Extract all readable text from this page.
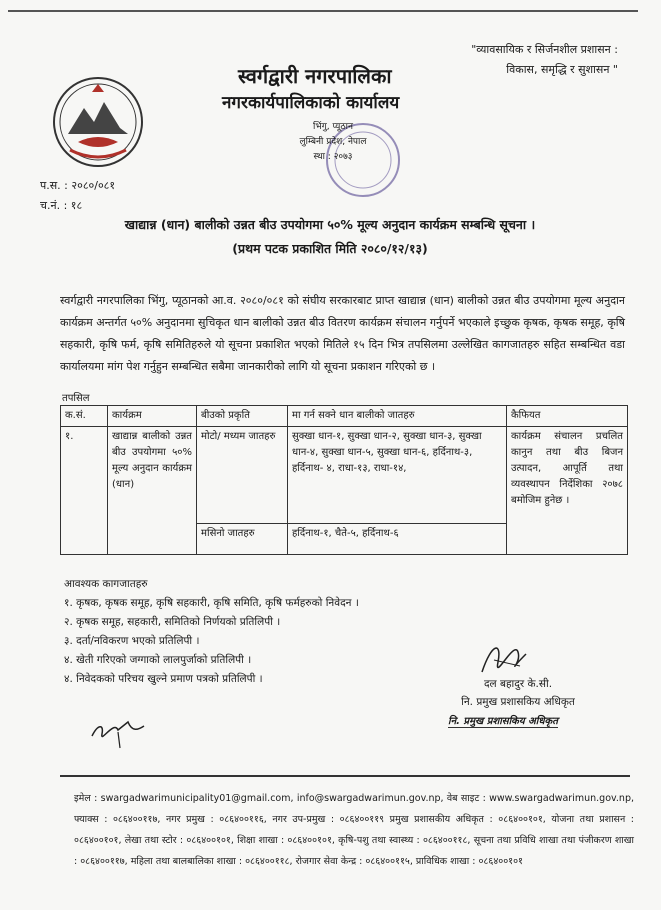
"व्यावसायिक र सिर्जनशील प्रशासन :
विकास, समृद्धि र सुशासन "
स्वर्गद्वारी नगरपालिका
नगरकार्यपालिकाको कार्यालय
भिंगु, प्यूठान
लुम्बिनी प्रदेश, नेपाल
स्था : २०७३
प.स. : २०८०/०८१
च.नं. : १८
खाद्यान्न (धान) बालीको उन्नत बीउ उपयोगमा ५०% मूल्य अनुदान कार्यक्रम सम्बन्धि सूचना ।
(प्रथम पटक प्रकाशित मिति २०८०/१२/१३)
स्वर्गद्वारी नगरपालिका भिंगु, प्यूठानको आ.व. २०८०/०८१ को संघीय सरकारबाट प्राप्त खाद्यान्न (धान) बालीको उन्नत बीउ उपयोगमा मूल्य अनुदान कार्यक्रम अन्तर्गत ५०% अनुदानमा सुचिकृत धान बालीको उन्नत बीउ वितरण कार्यक्रम संचालन गर्नुपर्ने भएकाले इच्छुक कृषक, कृषक समूह, कृषि सहकारी, कृषि फर्म, कृषि समितिहरुले यो सूचना प्रकाशित भएको मितिले १५ दिन भित्र तपसिलमा उल्लेखित कागजातहरु सहित सम्बन्धित वडा कार्यालयमा मांग पेश गर्नुहुन सम्बन्धित सबैमा जानकारीको लागि यो सूचना प्रकाशन गरिएको छ ।
तपसिल
क.सं.	कार्यक्रम	बीउको प्रकृति	मा गर्न सक्ने धान बालीको जातहरु	कैफियत
१.	खाद्यान्न बालीको उन्नत बीउ उपयोगमा ५०% मूल्य अनुदान कार्यक्रम (धान)	मोटो/ मध्यम जातहरु	सुक्खा धान-१, सुक्खा धान-२, सुक्खा धान-३, सुक्खा धान-४, सुक्खा धान-५, सुक्खा धान-६, हर्दिनाथ-३, हर्दिनाथ- ४, राधा-१३, राधा-१४,	कार्यक्रम संचालन प्रचलित कानुन तथा बीउ बिजन उत्पादन, आपूर्ति तथा व्यवस्थापन निर्देशिका २०७८ बमोजिम हुनेछ ।
		मसिनो जातहरु	हर्दिनाथ-१, चैते-५, हर्दिनाथ-६	
आवश्यक कागजातहरु
१. कृषक, कृषक समूह, कृषि सहकारी, कृषि समिति, कृषि फर्महरुको निवेदन ।
२. कृषक समूह, सहकारी, समितिको निर्णयको प्रतिलिपी ।
३. दर्ता/नविकरण भएको प्रतिलिपी ।
४. खेती गरिएको जग्गाको लालपुर्जाको प्रतिलिपी ।
४. निवेदकको परिचय खुल्ने प्रमाण पत्रको प्रतिलिपी ।	दल बहादुर के.सी.
नि. प्रमुख प्रशासकिय अधिकृत
नि. प्रमुख प्रशासकिय अधिकृत
इमेल : swargadwarimunicipality01@gmail.com, info@swargadwarimun.gov.np, वेब साइट : www.swargadwarimun.gov.np, फ्याक्स : ०८६४००११७, नगर प्रमुख : ०८६४००११६, नगर उप-प्रमुख : ०८६४००११९ प्रमुख प्रशासकीय अधिकृत : ०८६४००१०१, योजना तथा प्रशासन : ०८६४००१०१, लेखा तथा स्टोर : ०८६४००१०१, शिक्षा शाखा : ०८६४००१०१, कृषि-पशु तथा स्वास्थ्य : ०८६४००११८, सूचना तथा प्रविधि शाखा तथा पंजीकरण शाखा : ०८६४००११७, महिला तथा बालबालिका शाखा : ०८६४००११८, रोजगार सेवा केन्द्र : ०८६४००११५, प्राविधिक शाखा : ०८६४००१०१
